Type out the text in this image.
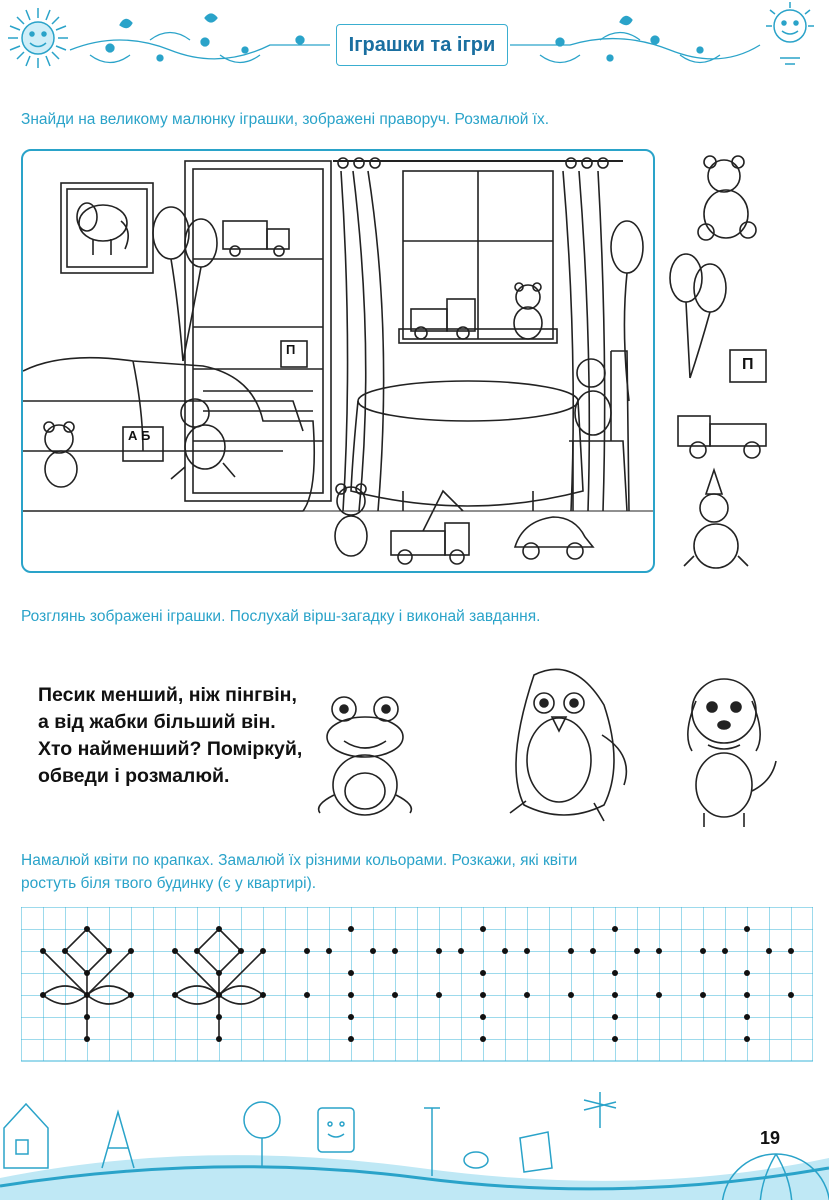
Іграшки та ігри
Знайди на великому малюнку іграшки, зображені праворуч. Розмалюй їх.
А Б
П
П
Розглянь зображені іграшки. Послухай вірш-загадку і виконай завдання.
Песик менший, ніж пінгвін,
а від жабки більший він.
Хто найменший? Поміркуй,
обведи і розмалюй.
Намалюй квіти по крапках. Замалюй їх різними кольорами. Розкажи, які квіти
ростуть біля твого будинку (є у квартирі).
19
